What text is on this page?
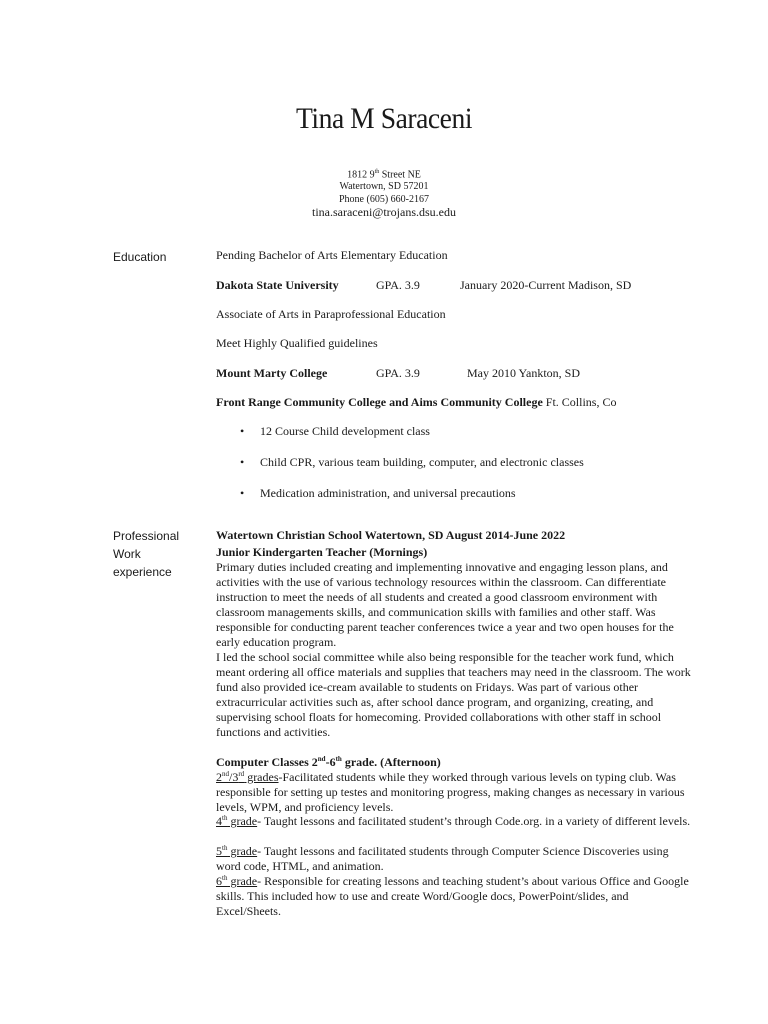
Tina M Saraceni
1812 9th Street NE
Watertown, SD 57201
Phone (605) 660-2167
tina.saraceni@trojans.dsu.edu
Education	Pending Bachelor of Arts Elementary Education
Dakota State University	GPA. 3.9	January 2020-Current Madison, SD
Associate of Arts in Paraprofessional Education
Meet Highly Qualified guidelines
Mount Marty College	GPA. 3.9	May 2010 Yankton, SD
Front Range Community College and Aims Community College Ft. Collins, Co
• 12 Course Child development class
• Child CPR, various team building, computer, and electronic classes
• Medication administration, and universal precautions
Professional
Work
experience
Watertown Christian School Watertown, SD August 2014-June 2022
Junior Kindergarten Teacher (Mornings)
Primary duties included creating and implementing innovative and engaging lesson plans, and activities with the use of various technology resources within the classroom. Can differentiate instruction to meet the needs of all students and created a good classroom environment with classroom managements skills, and communication skills with families and other staff. Was responsible for conducting parent teacher conferences twice a year and two open houses for the early education program.
I led the school social committee while also being responsible for the teacher work fund, which meant ordering all office materials and supplies that teachers may need in the classroom. The work fund also provided ice-cream available to students on Fridays. Was part of various other extracurricular activities such as, after school dance program, and organizing, creating, and supervising school floats for homecoming. Provided collaborations with other staff in school functions and activities.
Computer Classes 2nd-6th grade. (Afternoon)
2nd/3rd grades-Facilitated students while they worked through various levels on typing club. Was responsible for setting up testes and monitoring progress, making changes as necessary in various levels, WPM, and proficiency levels.
4th grade- Taught lessons and facilitated student’s through Code.org. in a variety of different levels.
5th grade- Taught lessons and facilitated students through Computer Science Discoveries using word code, HTML, and animation.
6th grade- Responsible for creating lessons and teaching student’s about various Office and Google skills. This included how to use and create Word/Google docs, PowerPoint/slides, and Excel/Sheets.
